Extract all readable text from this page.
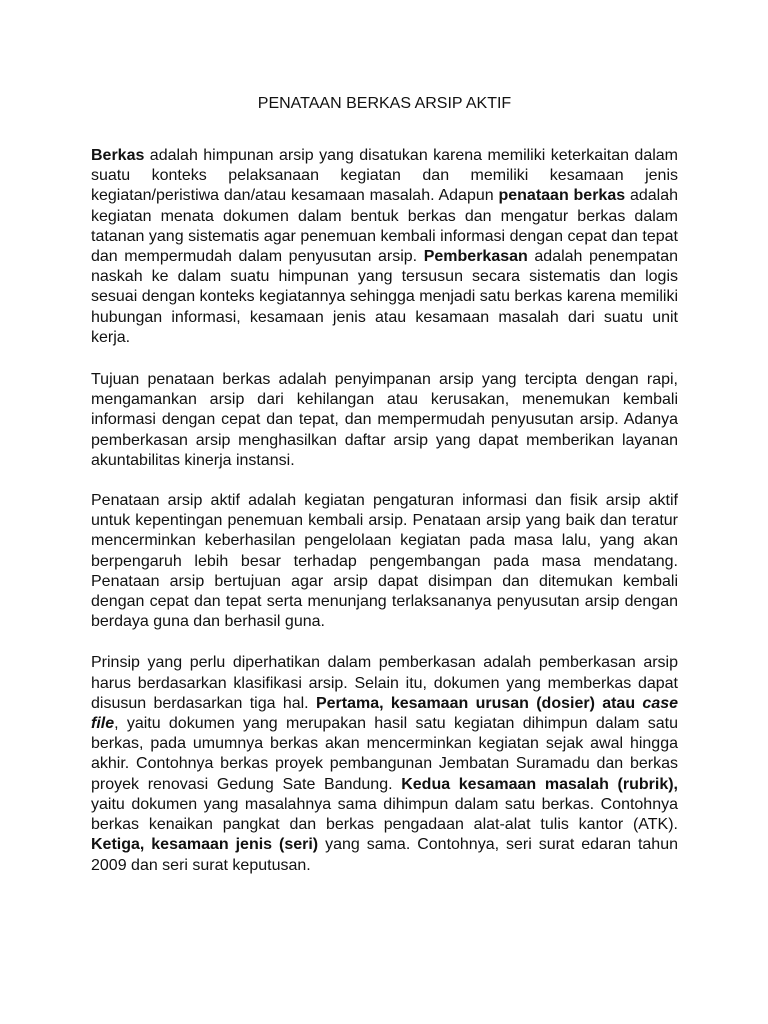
PENATAAN BERKAS ARSIP AKTIF

Berkas adalah himpunan arsip yang disatukan karena memiliki keterkaitan dalam suatu konteks pelaksanaan kegiatan dan memiliki kesamaan jenis kegiatan/peristiwa dan/atau kesamaan masalah. Adapun penataan berkas adalah kegiatan menata dokumen dalam bentuk berkas dan mengatur berkas dalam tatanan yang sistematis agar penemuan kembali informasi dengan cepat dan tepat dan mempermudah dalam penyusutan arsip. Pemberkasan adalah penempatan naskah ke dalam suatu himpunan yang tersusun secara sistematis dan logis sesuai dengan konteks kegiatannya sehingga menjadi satu berkas karena memiliki hubungan informasi, kesamaan jenis atau kesamaan masalah dari suatu unit kerja.

Tujuan penataan berkas adalah penyimpanan arsip yang tercipta dengan rapi, mengamankan arsip dari kehilangan atau kerusakan, menemukan kembali informasi dengan cepat dan tepat, dan mempermudah penyusutan arsip. Adanya pemberkasan arsip menghasilkan daftar arsip yang dapat memberikan layanan akuntabilitas kinerja instansi.

Penataan arsip aktif adalah kegiatan pengaturan informasi dan fisik arsip aktif untuk kepentingan penemuan kembali arsip. Penataan arsip yang baik dan teratur mencerminkan keberhasilan pengelolaan kegiatan pada masa lalu, yang akan berpengaruh lebih besar terhadap pengembangan pada masa mendatang. Penataan arsip bertujuan agar arsip dapat disimpan dan ditemukan kembali dengan cepat dan tepat serta menunjang terlaksananya penyusutan arsip dengan berdaya guna dan berhasil guna.

Prinsip yang perlu diperhatikan dalam pemberkasan adalah pemberkasan arsip harus berdasarkan klasifikasi arsip. Selain itu, dokumen yang memberkas dapat disusun berdasarkan tiga hal. Pertama, kesamaan urusan (dosier) atau case file, yaitu dokumen yang merupakan hasil satu kegiatan dihimpun dalam satu berkas, pada umumnya berkas akan mencerminkan kegiatan sejak awal hingga akhir. Contohnya berkas proyek pembangunan Jembatan Suramadu dan berkas proyek renovasi Gedung Sate Bandung. Kedua kesamaan masalah (rubrik), yaitu dokumen yang masalahnya sama dihimpun dalam satu berkas. Contohnya berkas kenaikan pangkat dan berkas pengadaan alat-alat tulis kantor (ATK). Ketiga, kesamaan jenis (seri) yang sama. Contohnya, seri surat edaran tahun 2009 dan seri surat keputusan.
